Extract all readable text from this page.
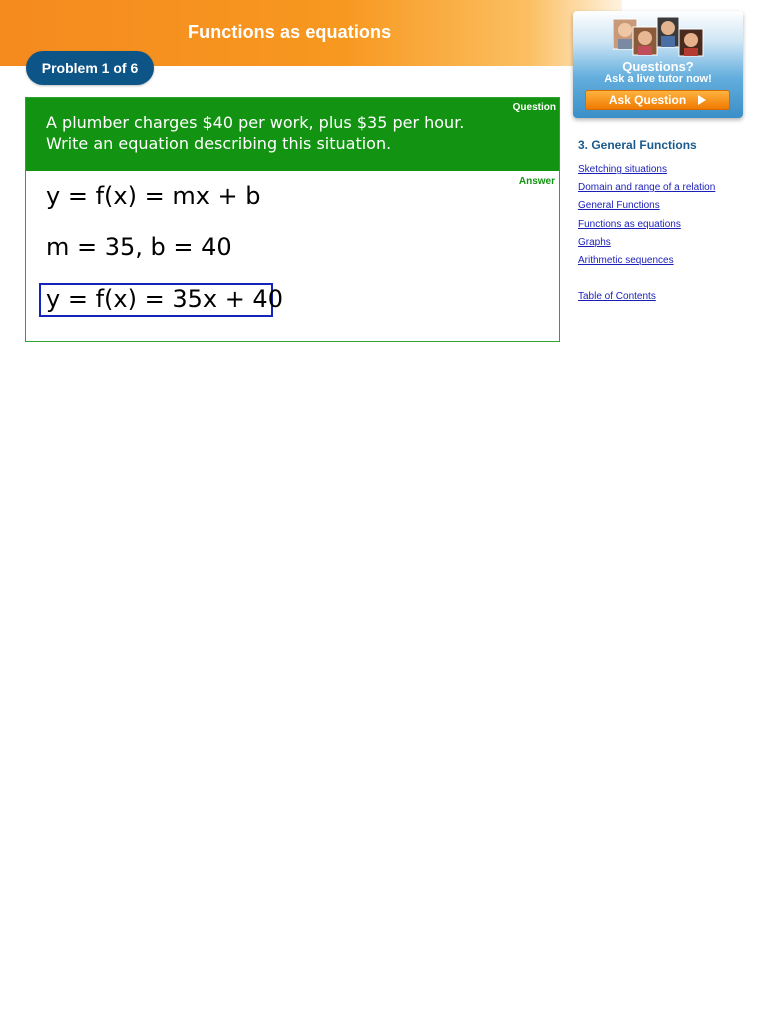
Functions as equations
Problem 1 of 6
Question
A plumber charges $40 per work, plus $35 per hour.
Write an equation describing this situation.
Answer
y = f(x) = mx + b
m = 35, b = 40
y = f(x) = 35x + 40
Questions?
Ask a live tutor now!
Ask Question
3. General Functions
Sketching situations
Domain and range of a relation
General Functions
Functions as equations
Graphs
Arithmetic sequences
Table of Contents
